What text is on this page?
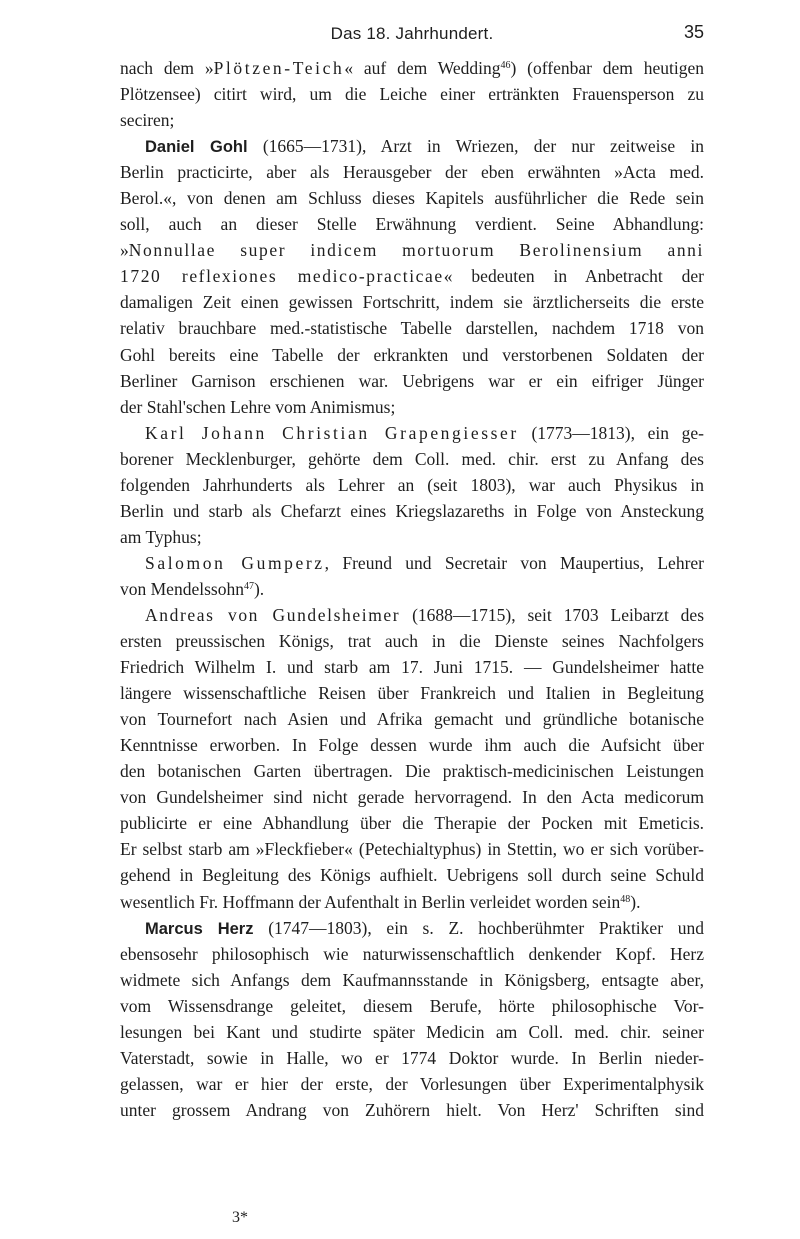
Das 18. Jahrhundert.	35
nach dem »Plötzen-Teich« auf dem Wedding$^{46}$) (offenbar dem heutigen
Plötzensee) citirt wird, um die Leiche einer ertränkten Frauensperson zu
seciren;
Daniel Gohl (1665—1731), Arzt in Wriezen, der nur zeitweise in
Berlin practicirte, aber als Herausgeber der eben erwähnten »Acta med.
Berol.«, von denen am Schluss dieses Kapitels ausführlicher die Rede sein
soll, auch an dieser Stelle Erwähnung verdient. Seine Abhandlung:
»Nonnullae super indicem mortuorum Berolinensium anni
1720 reflexiones medico-practicae« bedeuten in Anbetracht der
damaligen Zeit einen gewissen Fortschritt, indem sie ärztlicherseits die erste
relativ brauchbare med.-statistische Tabelle darstellen, nachdem 1718 von
Gohl bereits eine Tabelle der erkrankten und verstorbenen Soldaten der
Berliner Garnison erschienen war. Uebrigens war er ein eifriger Jünger
der Stahl'schen Lehre vom Animismus;
Karl Johann Christian Grapengiesser (1773—1813), ein ge-
borener Mecklenburger, gehörte dem Coll. med. chir. erst zu Anfang des
folgenden Jahrhunderts als Lehrer an (seit 1803), war auch Physikus in
Berlin und starb als Chefarzt eines Kriegslazareths in Folge von Ansteckung
am Typhus;
Salomon Gumperz, Freund und Secretair von Maupertius, Lehrer
von Mendelssohn$^{47}$).
Andreas von Gundelsheimer (1688—1715), seit 1703 Leibarzt des
ersten preussischen Königs, trat auch in die Dienste seines Nachfolgers
Friedrich Wilhelm I. und starb am 17. Juni 1715. — Gundelsheimer hatte
längere wissenschaftliche Reisen über Frankreich und Italien in Begleitung
von Tournefort nach Asien und Afrika gemacht und gründliche botanische
Kenntnisse erworben. In Folge dessen wurde ihm auch die Aufsicht über
den botanischen Garten übertragen. Die praktisch-medicinischen Leistungen
von Gundelsheimer sind nicht gerade hervorragend. In den Acta medicorum
publicirte er eine Abhandlung über die Therapie der Pocken mit Emeticis.
Er selbst starb am »Fleckfieber« (Petechialtyphus) in Stettin, wo er sich vorüber-
gehend in Begleitung des Königs aufhielt. Uebrigens soll durch seine Schuld
wesentlich Fr. Hoffmann der Aufenthalt in Berlin verleidet worden sein$^{48}$).
Marcus Herz (1747—1803), ein s. Z. hochberühmter Praktiker und
ebensosehr philosophisch wie naturwissenschaftlich denkender Kopf. Herz
widmete sich Anfangs dem Kaufmannsstande in Königsberg, entsagte aber,
vom Wissensdrange geleitet, diesem Berufe, hörte philosophische Vor-
lesungen bei Kant und studirte später Medicin am Coll. med. chir. seiner
Vaterstadt, sowie in Halle, wo er 1774 Doktor wurde. In Berlin nieder-
gelassen, war er hier der erste, der Vorlesungen über Experimentalphysik
unter grossem Andrang von Zuhörern hielt. Von Herz' Schriften sind
3*
